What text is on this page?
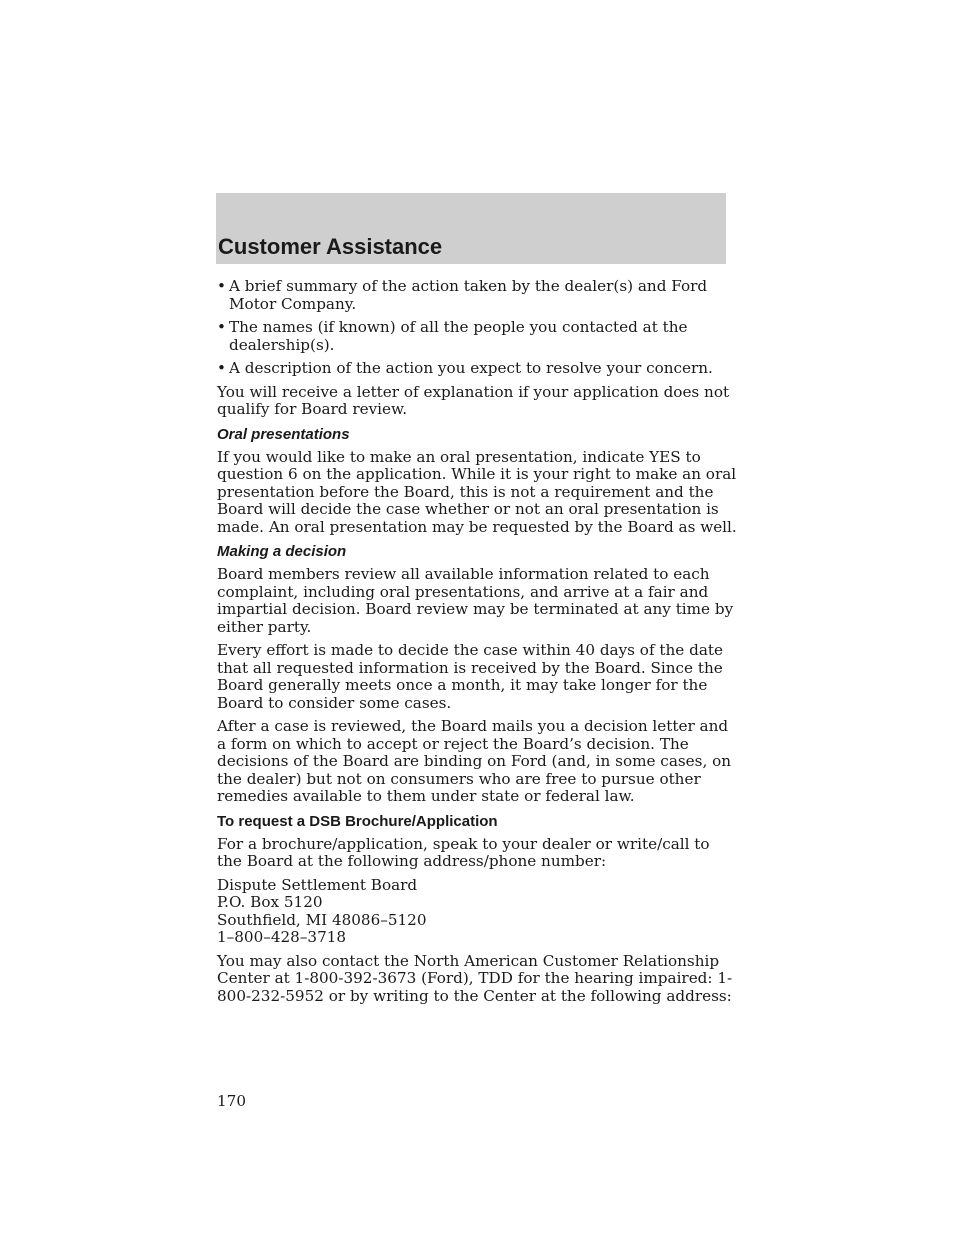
Customer Assistance
• A brief summary of the action taken by the dealer(s) and Ford Motor Company.
• The names (if known) of all the people you contacted at the dealership(s).
• A description of the action you expect to resolve your concern.

You will receive a letter of explanation if your application does not qualify for Board review.

Oral presentations

If you would like to make an oral presentation, indicate YES to question 6 on the application. While it is your right to make an oral presentation before the Board, this is not a requirement and the Board will decide the case whether or not an oral presentation is made. An oral presentation may be requested by the Board as well.

Making a decision

Board members review all available information related to each complaint, including oral presentations, and arrive at a fair and impartial decision. Board review may be terminated at any time by either party.

Every effort is made to decide the case within 40 days of the date that all requested information is received by the Board. Since the Board generally meets once a month, it may take longer for the Board to consider some cases.

After a case is reviewed, the Board mails you a decision letter and a form on which to accept or reject the Board’s decision. The decisions of the Board are binding on Ford (and, in some cases, on the dealer) but not on consumers who are free to pursue other remedies available to them under state or federal law.

To request a DSB Brochure/Application

For a brochure/application, speak to your dealer or write/call to the Board at the following address/phone number:

Dispute Settlement Board
P.O. Box 5120
Southfield, MI 48086–5120
1–800–428–3718

You may also contact the North American Customer Relationship Center at 1-800-392-3673 (Ford), TDD for the hearing impaired: 1-800-232-5952 or by writing to the Center at the following address:

170
